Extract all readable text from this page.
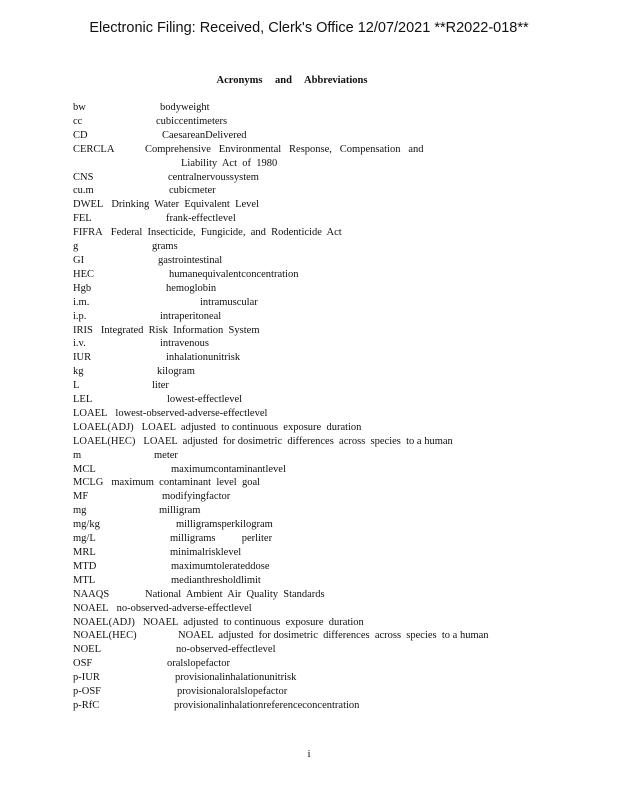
Electronic Filing: Received, Clerk's Office 12/07/2021 **R2022-018**
Acronyms and Abbreviations
bw	bodyweight
cc	cubiccentimeters
CD	CaesareanDelivered
CERCLA	Comprehensive   Environmental   Response,   Compensation   and
Liability  Act  of  1980
CNS	centralnervoussystem
cu.m	cubicmeter
DWEL Drinking  Water  Equivalent  Level
FEL	frank-effectlevel
FIFRA Federal  Insecticide,  Fungicide,  and  Rodenticide  Act
g	grams
GI	gastrointestinal
HEC	humanequivalentconcentration
Hgb	hemoglobin
i.m.	intramuscular
i.p.	intraperitoneal
IRIS Integrated  Risk  Information  System
i.v.	intravenous
IUR	inhalationunitrisk
kg	kilogram
L	liter
LEL	lowest-effectlevel
LOAEL lowest-observed-adverse-effectlevel
LOAEL(ADJ) LOAEL  adjusted  to continuous  exposure  duration
LOAEL(HEC) LOAEL  adjusted  for dosimetric  differences  across  species  to a human
m	meter
MCL	maximumcontaminantlevel
MCLG maximum  contaminant  level  goal
MF	modifyingfactor
mg	milligram
mg/kg	milligramsperkilogram
mg/L	milligrams          perliter
MRL	minimalrisklevel
MTD	maximumtolerateddose
MTL	medianthresholdlimit
NAAQS	National  Ambient  Air  Quality  Standards
NOAEL no-observed-adverse-effectlevel
NOAEL(ADJ) NOAEL  adjusted  to continuous  exposure  duration
NOAEL(HEC)	NOAEL  adjusted  for dosimetric  differences  across  species  to a human
NOEL	no-observed-effectlevel
OSF	oralslopefactor
p-IUR	provisionalinhalationunitrisk
p-OSF	provisionaloralslopefactor
p-RfC	provisionalinhalationreferenceconcentration
i
